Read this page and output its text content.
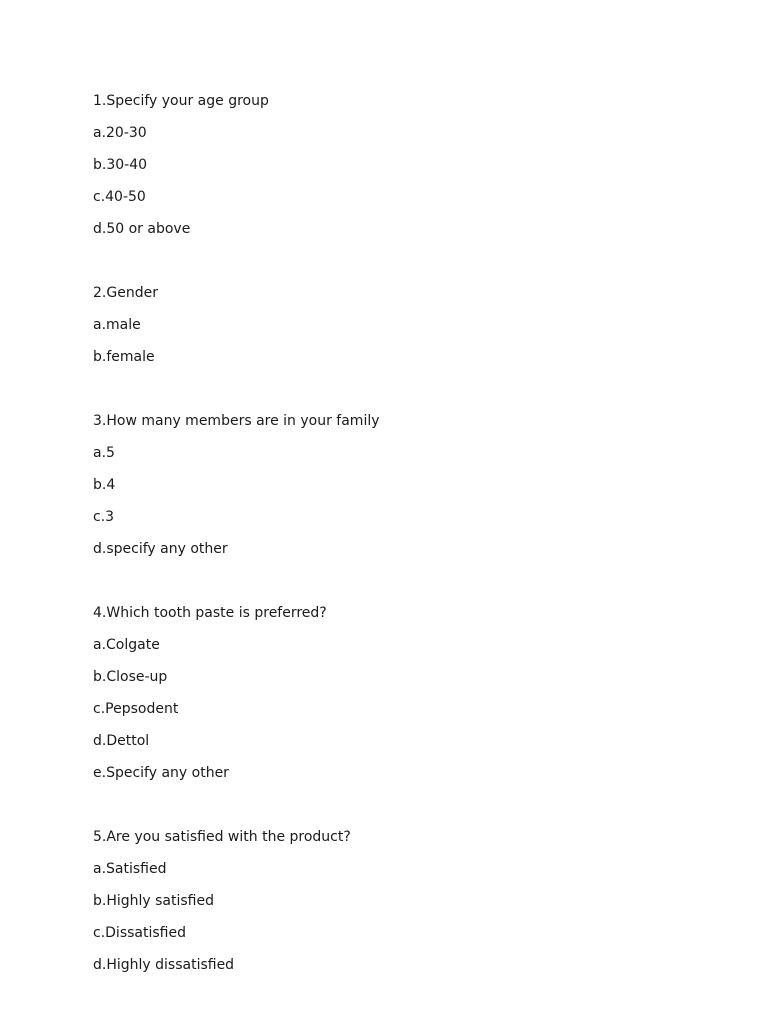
1.Specify your age group
a.20-30
b.30-40
c.40-50
d.50 or above
2.Gender
a.male
b.female
3.How many members are in your family
a.5
b.4
c.3
d.specify any other
4.Which tooth paste is preferred?
a.Colgate
b.Close-up
c.Pepsodent
d.Dettol
e.Specify any other
5.Are you satisfied with the product?
a.Satisfied
b.Highly satisfied
c.Dissatisfied
d.Highly dissatisfied
